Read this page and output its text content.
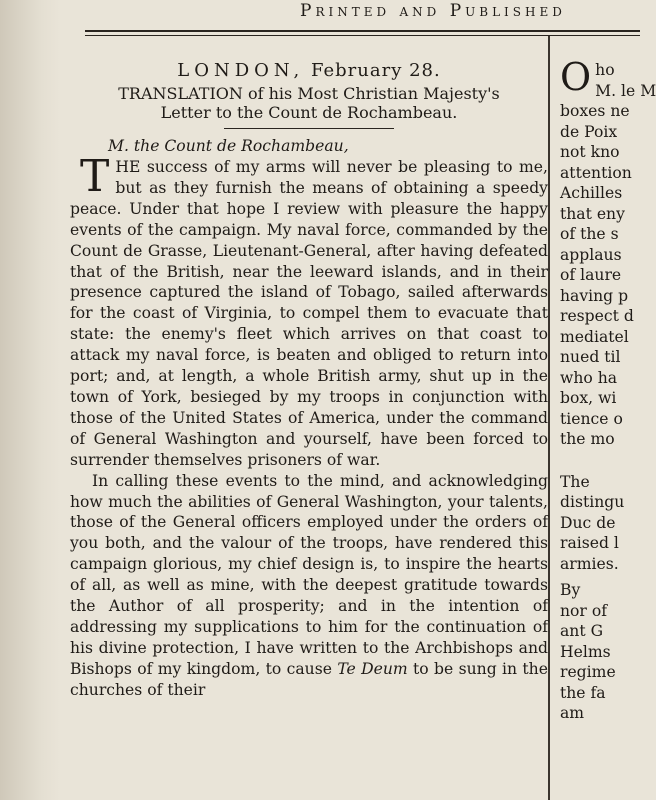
Printed and Published
LONDON, February 28.
TRANSLATION of his Most Christian Majesty's
Letter to the Count de Rochambeau.
M. the Count de Rochambeau,

THE success of my arms will never be pleasing to me, but as they furnish the means of obtaining a speedy peace. Under that hope I review with pleasure the happy events of the campaign. My naval force, commanded by the Count de Grasse, Lieutenant-General, after having defeated that of the British, near the leeward islands, and in their presence captured the island of Tobago, sailed afterwards for the coast of Virginia, to compel them to evacuate that state: the enemy's fleet which arrives on that coast to attack my naval force, is beaten and obliged to return into port; and, at length, a whole British army, shut up in the town of York, besieged by my troops in conjunction with those of the United States of America, under the command of General Washington and yourself, have been forced to surrender themselves prisoners of war.

In calling these events to the mind, and acknowledging how much the abilities of General Washington, your talents, those of the General officers employed under the orders of you both, and the valour of the troops, have rendered this campaign glorious, my chief design is, to inspire the hearts of all, as well as mine, with the deepest gratitude towards the Author of all prosperity; and in the intention of addressing my supplications to him for the continuation of his divine protection, I have written to the Archbishops and Bishops of my kingdom, to cause Te Deum to be sung in the churches of their

O ho
M. le M
boxes ne
de Poix
not kno
attention
Achilles
that eny
of the s
applaus
of laure
having p
respect d
mediatel
nued til
who ha
box, wi
tience o
the mo
The
distingu
Duc de
raised l
armies.
By
nor of
ant G
Helms
regime
the fa
am
